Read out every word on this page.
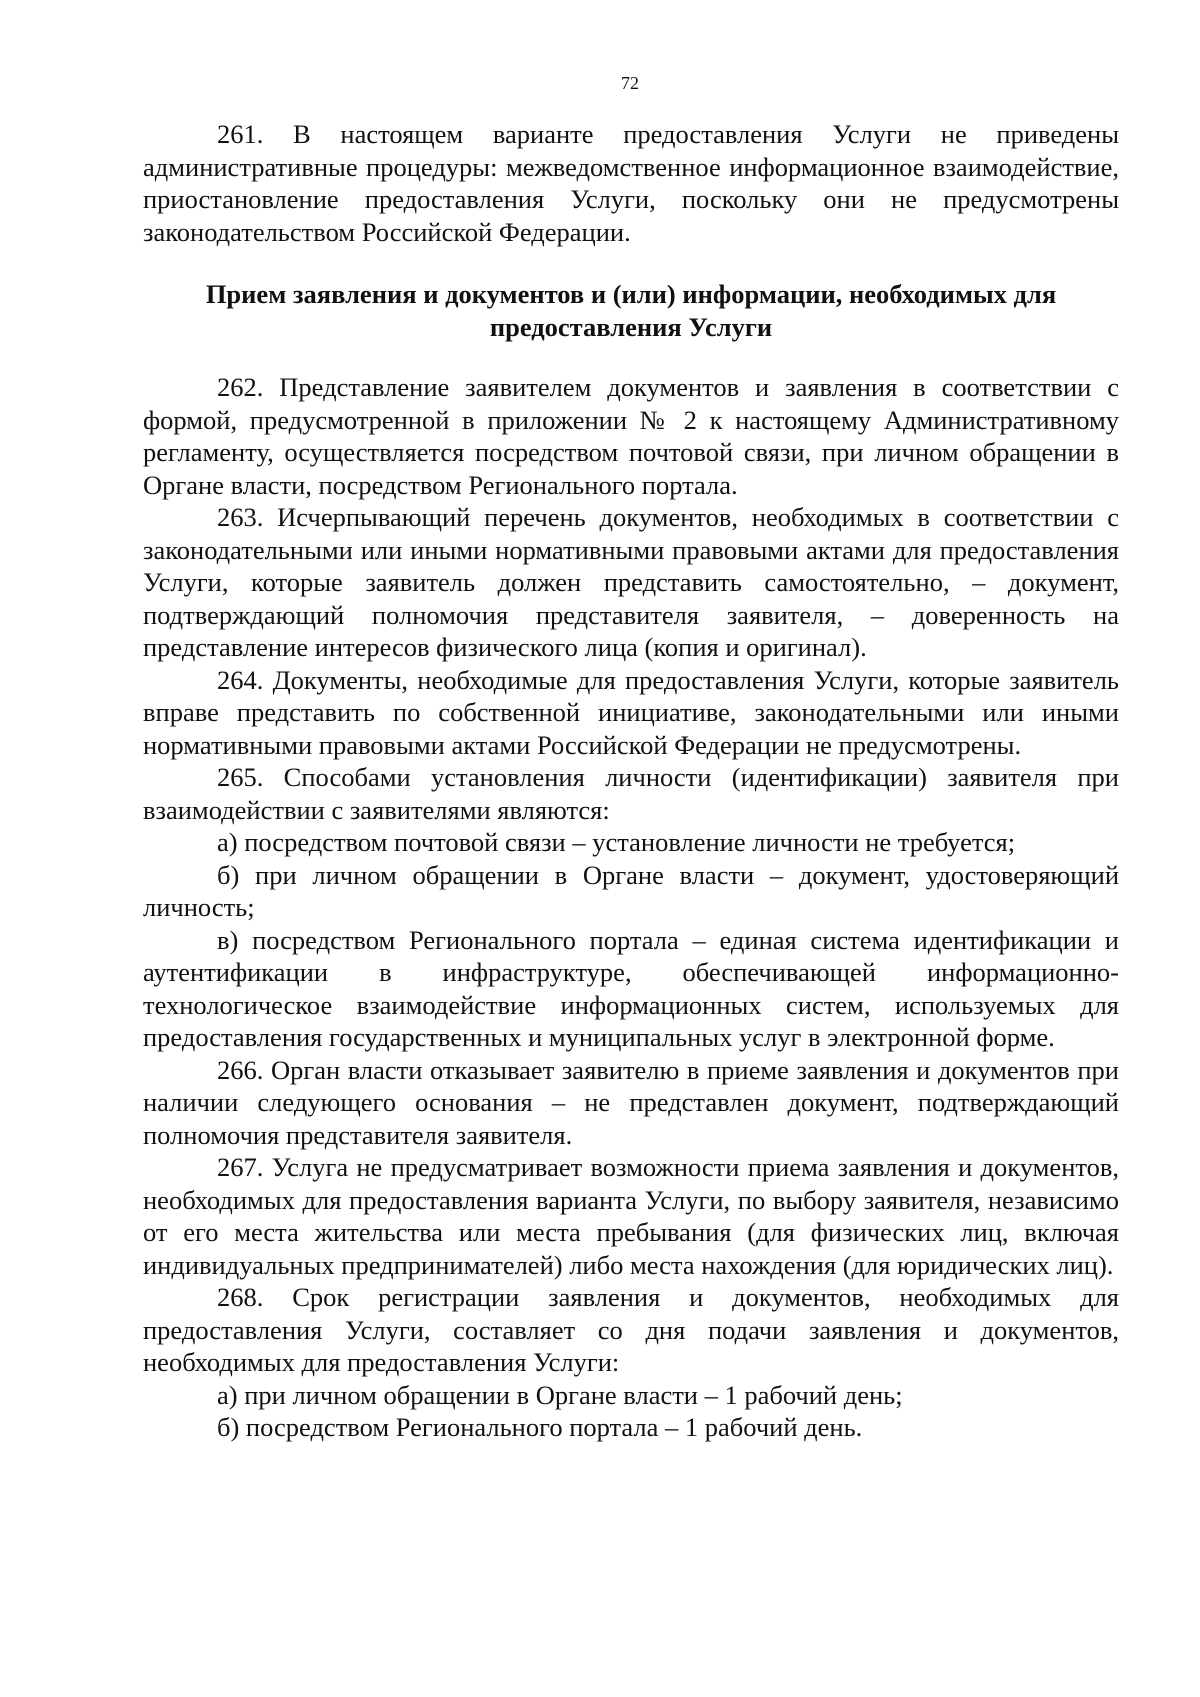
72

261. В настоящем варианте предоставления Услуги не приведены административные процедуры: межведомственное информационное взаимодействие, приостановление предоставления Услуги, поскольку они не предусмотрены законодательством Российской Федерации.

Прием заявления и документов и (или) информации, необходимых для предоставления Услуги

262. Представление заявителем документов и заявления в соответствии с формой, предусмотренной в приложении № 2 к настоящему Административному регламенту, осуществляется посредством почтовой связи, при личном обращении в Органе власти, посредством Регионального портала.

263. Исчерпывающий перечень документов, необходимых в соответствии с законодательными или иными нормативными правовыми актами для предоставления Услуги, которые заявитель должен представить самостоятельно, – документ, подтверждающий полномочия представителя заявителя, – доверенность на представление интересов физического лица (копия и оригинал).

264. Документы, необходимые для предоставления Услуги, которые заявитель вправе представить по собственной инициативе, законодательными или иными нормативными правовыми актами Российской Федерации не предусмотрены.

265. Способами установления личности (идентификации) заявителя при взаимодействии с заявителями являются:

а) посредством почтовой связи – установление личности не требуется;

б) при личном обращении в Органе власти – документ, удостоверяющий личность;

в) посредством Регионального портала – единая система идентификации и аутентификации в инфраструктуре, обеспечивающей информационно-технологическое взаимодействие информационных систем, используемых для предоставления государственных и муниципальных услуг в электронной форме.

266. Орган власти отказывает заявителю в приеме заявления и документов при наличии следующего основания – не представлен документ, подтверждающий полномочия представителя заявителя.

267. Услуга не предусматривает возможности приема заявления и документов, необходимых для предоставления варианта Услуги, по выбору заявителя, независимо от его места жительства или места пребывания (для физических лиц, включая индивидуальных предпринимателей) либо места нахождения (для юридических лиц).

268. Срок регистрации заявления и документов, необходимых для предоставления Услуги, составляет со дня подачи заявления и документов, необходимых для предоставления Услуги:

а) при личном обращении в Органе власти – 1 рабочий день;

б) посредством Регионального портала – 1 рабочий день.
